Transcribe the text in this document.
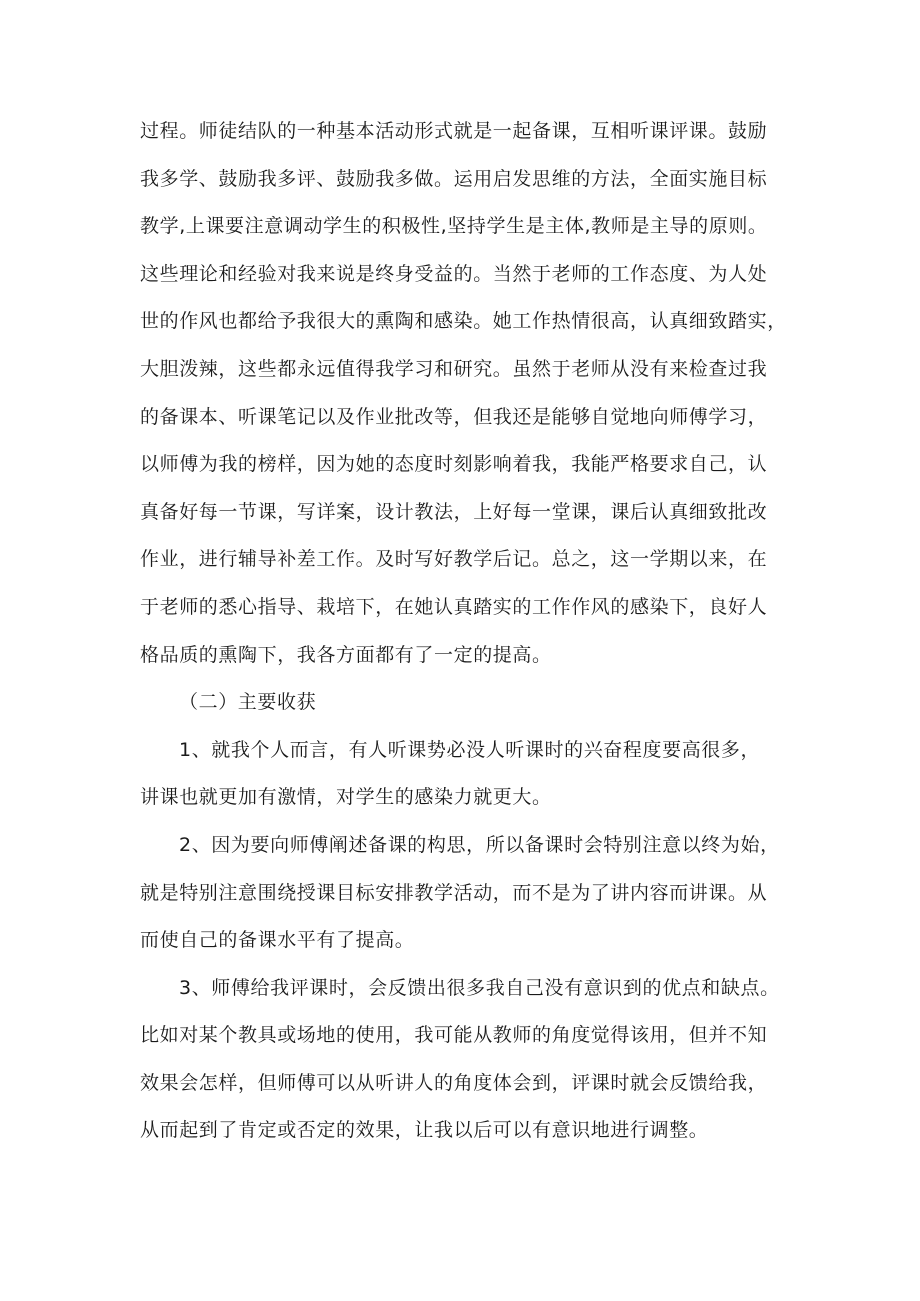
过程。师徒结队的一种基本活动形式就是一起备课，互相听课评课。鼓励
我多学、鼓励我多评、鼓励我多做。运用启发思维的方法，全面实施目标
教学,上课要注意调动学生的积极性,坚持学生是主体,教师是主导的原则。
这些理论和经验对我来说是终身受益的。当然于老师的工作态度、为人处
世的作风也都给予我很大的熏陶和感染。她工作热情很高，认真细致踏实，
大胆泼辣，这些都永远值得我学习和研究。虽然于老师从没有来检查过我
的备课本、听课笔记以及作业批改等，但我还是能够自觉地向师傅学习，
以师傅为我的榜样，因为她的态度时刻影响着我，我能严格要求自己，认
真备好每一节课，写详案，设计教法，上好每一堂课，课后认真细致批改
作业，进行辅导补差工作。及时写好教学后记。总之，这一学期以来，在
于老师的悉心指导、栽培下，在她认真踏实的工作作风的感染下，良好人
格品质的熏陶下，我各方面都有了一定的提高。

（二）主要收获

1、就我个人而言，有人听课势必没人听课时的兴奋程度要高很多，
讲课也就更加有激情，对学生的感染力就更大。

2、因为要向师傅阐述备课的构思，所以备课时会特别注意以终为始，
就是特别注意围绕授课目标安排教学活动，而不是为了讲内容而讲课。从
而使自己的备课水平有了提高。

3、师傅给我评课时，会反馈出很多我自己没有意识到的优点和缺点。
比如对某个教具或场地的使用，我可能从教师的角度觉得该用，但并不知
效果会怎样，但师傅可以从听讲人的角度体会到，评课时就会反馈给我，
从而起到了肯定或否定的效果，让我以后可以有意识地进行调整。
